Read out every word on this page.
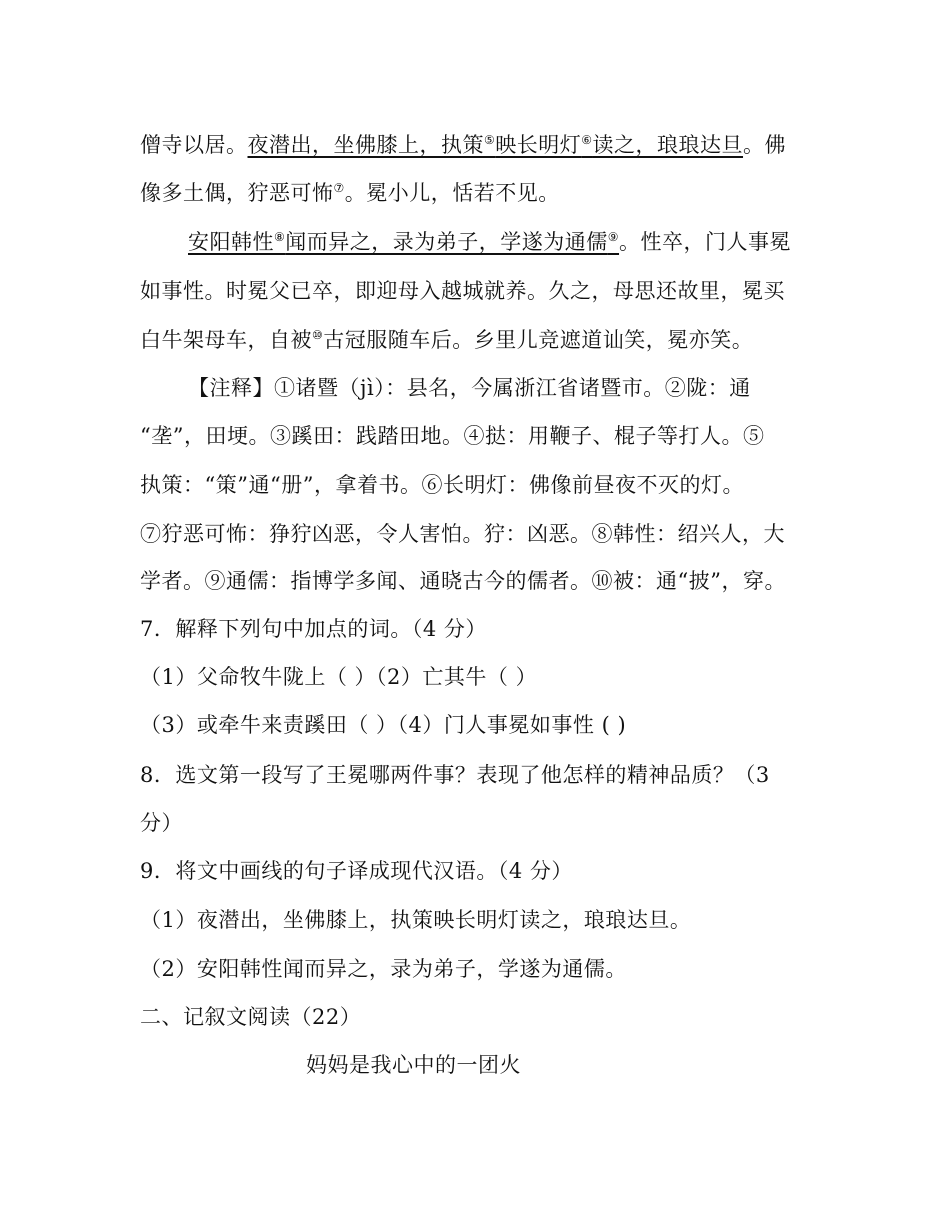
僧寺以居。夜潜出，坐佛膝上，执策⑤映长明灯⑥读之，琅琅达旦。佛
像多土偶，狞恶可怖⑦。冕小儿，恬若不见。
安阳韩性⑧闻而异之，录为弟子，学遂为通儒⑨。性卒，门人事冕
如事性。时冕父已卒，即迎母入越城就养。久之，母思还故里，冕买
白牛架母车，自被⑩古冠服随车后。乡里儿竞遮道讪笑，冕亦笑。
【注释】①诸暨（jì）：县名，今属浙江省诸暨市。②陇：通
“垄”，田埂。③蹊田：践踏田地。④挞：用鞭子、棍子等打人。⑤
执策：“策”通“册”，拿着书。⑥长明灯：佛像前昼夜不灭的灯。
⑦狞恶可怖：狰狞凶恶，令人害怕。狞：凶恶。⑧韩性：绍兴人，大
学者。⑨通儒：指博学多闻、通晓古今的儒者。⑩被：通“披”，穿。
7．解释下列句中加点的词。（4 分）
（1）父命牧牛陇上（ ）（2）亡其牛（ ）
（3）或牵牛来责蹊田（ ）（4）门人事冕如事性 ( )
8．选文第一段写了王冕哪两件事？表现了他怎样的精神品质？（3
分）
9．将文中画线的句子译成现代汉语。（4 分）
（1）夜潜出，坐佛膝上，执策映长明灯读之，琅琅达旦。
（2）安阳韩性闻而异之，录为弟子，学遂为通儒。
二、记叙文阅读（22）
妈妈是我心中的一团火
